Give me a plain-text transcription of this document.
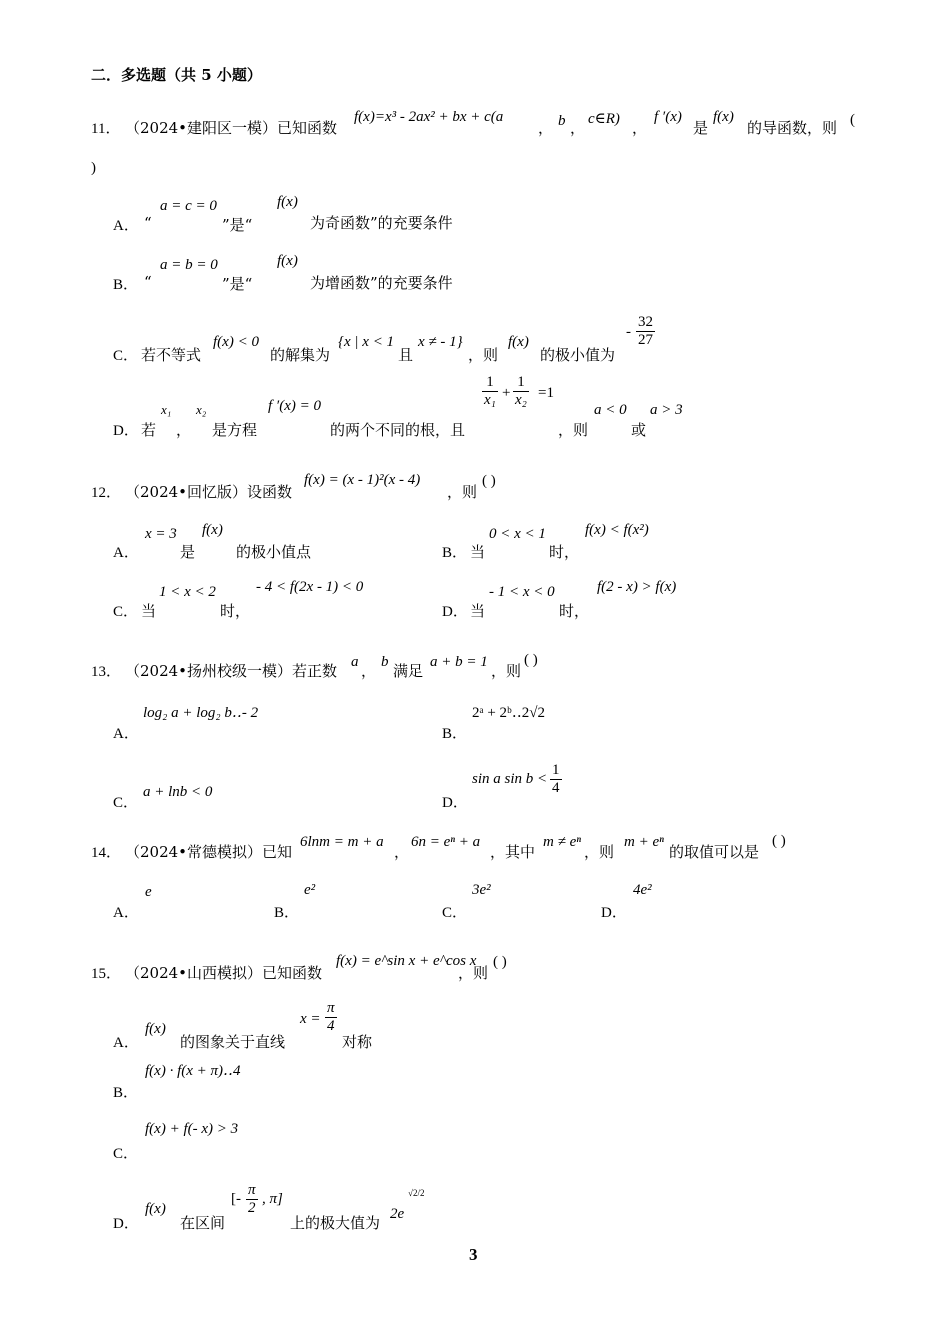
二．多选题（共 5 小题）
11． （2024•建阳区一模）已知函数
f(x)=x³ - 2ax² + bx + c(a
， b ， c∈R) ，
f ′(x)
是
f(x)
的导函数，则 (
)
A． “
a = c = 0
”是“
f(x)
为奇函数”的充要条件
B． “
a = b = 0
”是“
f(x)
为增函数”的充要条件
C． 若不等式
f(x) < 0
的解集为
{x | x < 1
且
x ≠ - 1}
，则
f(x)
的极小值为
- $\frac{32}{27}$
D． 若
x₁
，
x₂
是方程
f ′(x) = 0
的两个不同的根，且
$\frac{1}{\text{x₁}} + \frac{1}{\text{x₂}} =1$
，则
a < 0
或
a > 3
12． （2024•回忆版）设函数
f(x) = (x - 1)²(x - 4)
，则
( )
A．
x = 3
是
f(x)
的极小值点	B． 当
0 < x < 1
时，
f(x) < f(x²)
C． 当
1 < x < 2
时，
- 4 < f(2x - 1) < 0
D． 当
- 1 < x < 0
时，
f(2 - x) > f(x)
13． （2024•扬州校级一模）若正数 a ， b 满足 a + b = 1 ，则
( )
A．
log₂ a + log₂ b‥- 2
B．
2ᵃ + 2ᵇ‥2√2
C．
a + lnb < 0
D．
sin a $\sin b < \frac{1}{4}$
14． （2024•常德模拟）已知
6lnm = m + a
，
6n = eⁿ + a
，其中
m ≠ eⁿ
，则
m + eⁿ
的取值可以是
( )
A．
e
B．
e²
C．
3e²
D．
4e²
15． （2024•山西模拟）已知函数
f(x) = e^sin x + e^cos x
，则
( )
A．
f(x)
的图象关于直线
$x = \frac{\pi}{4}$
对称
B．
f(x) · f(x + π)‥4
C．
f(x) + f(- x) > 3
D．
f(x)
在区间
[- $\frac{\pi}{2}$ , π]
上的极大值为 2e
√2/2
3
